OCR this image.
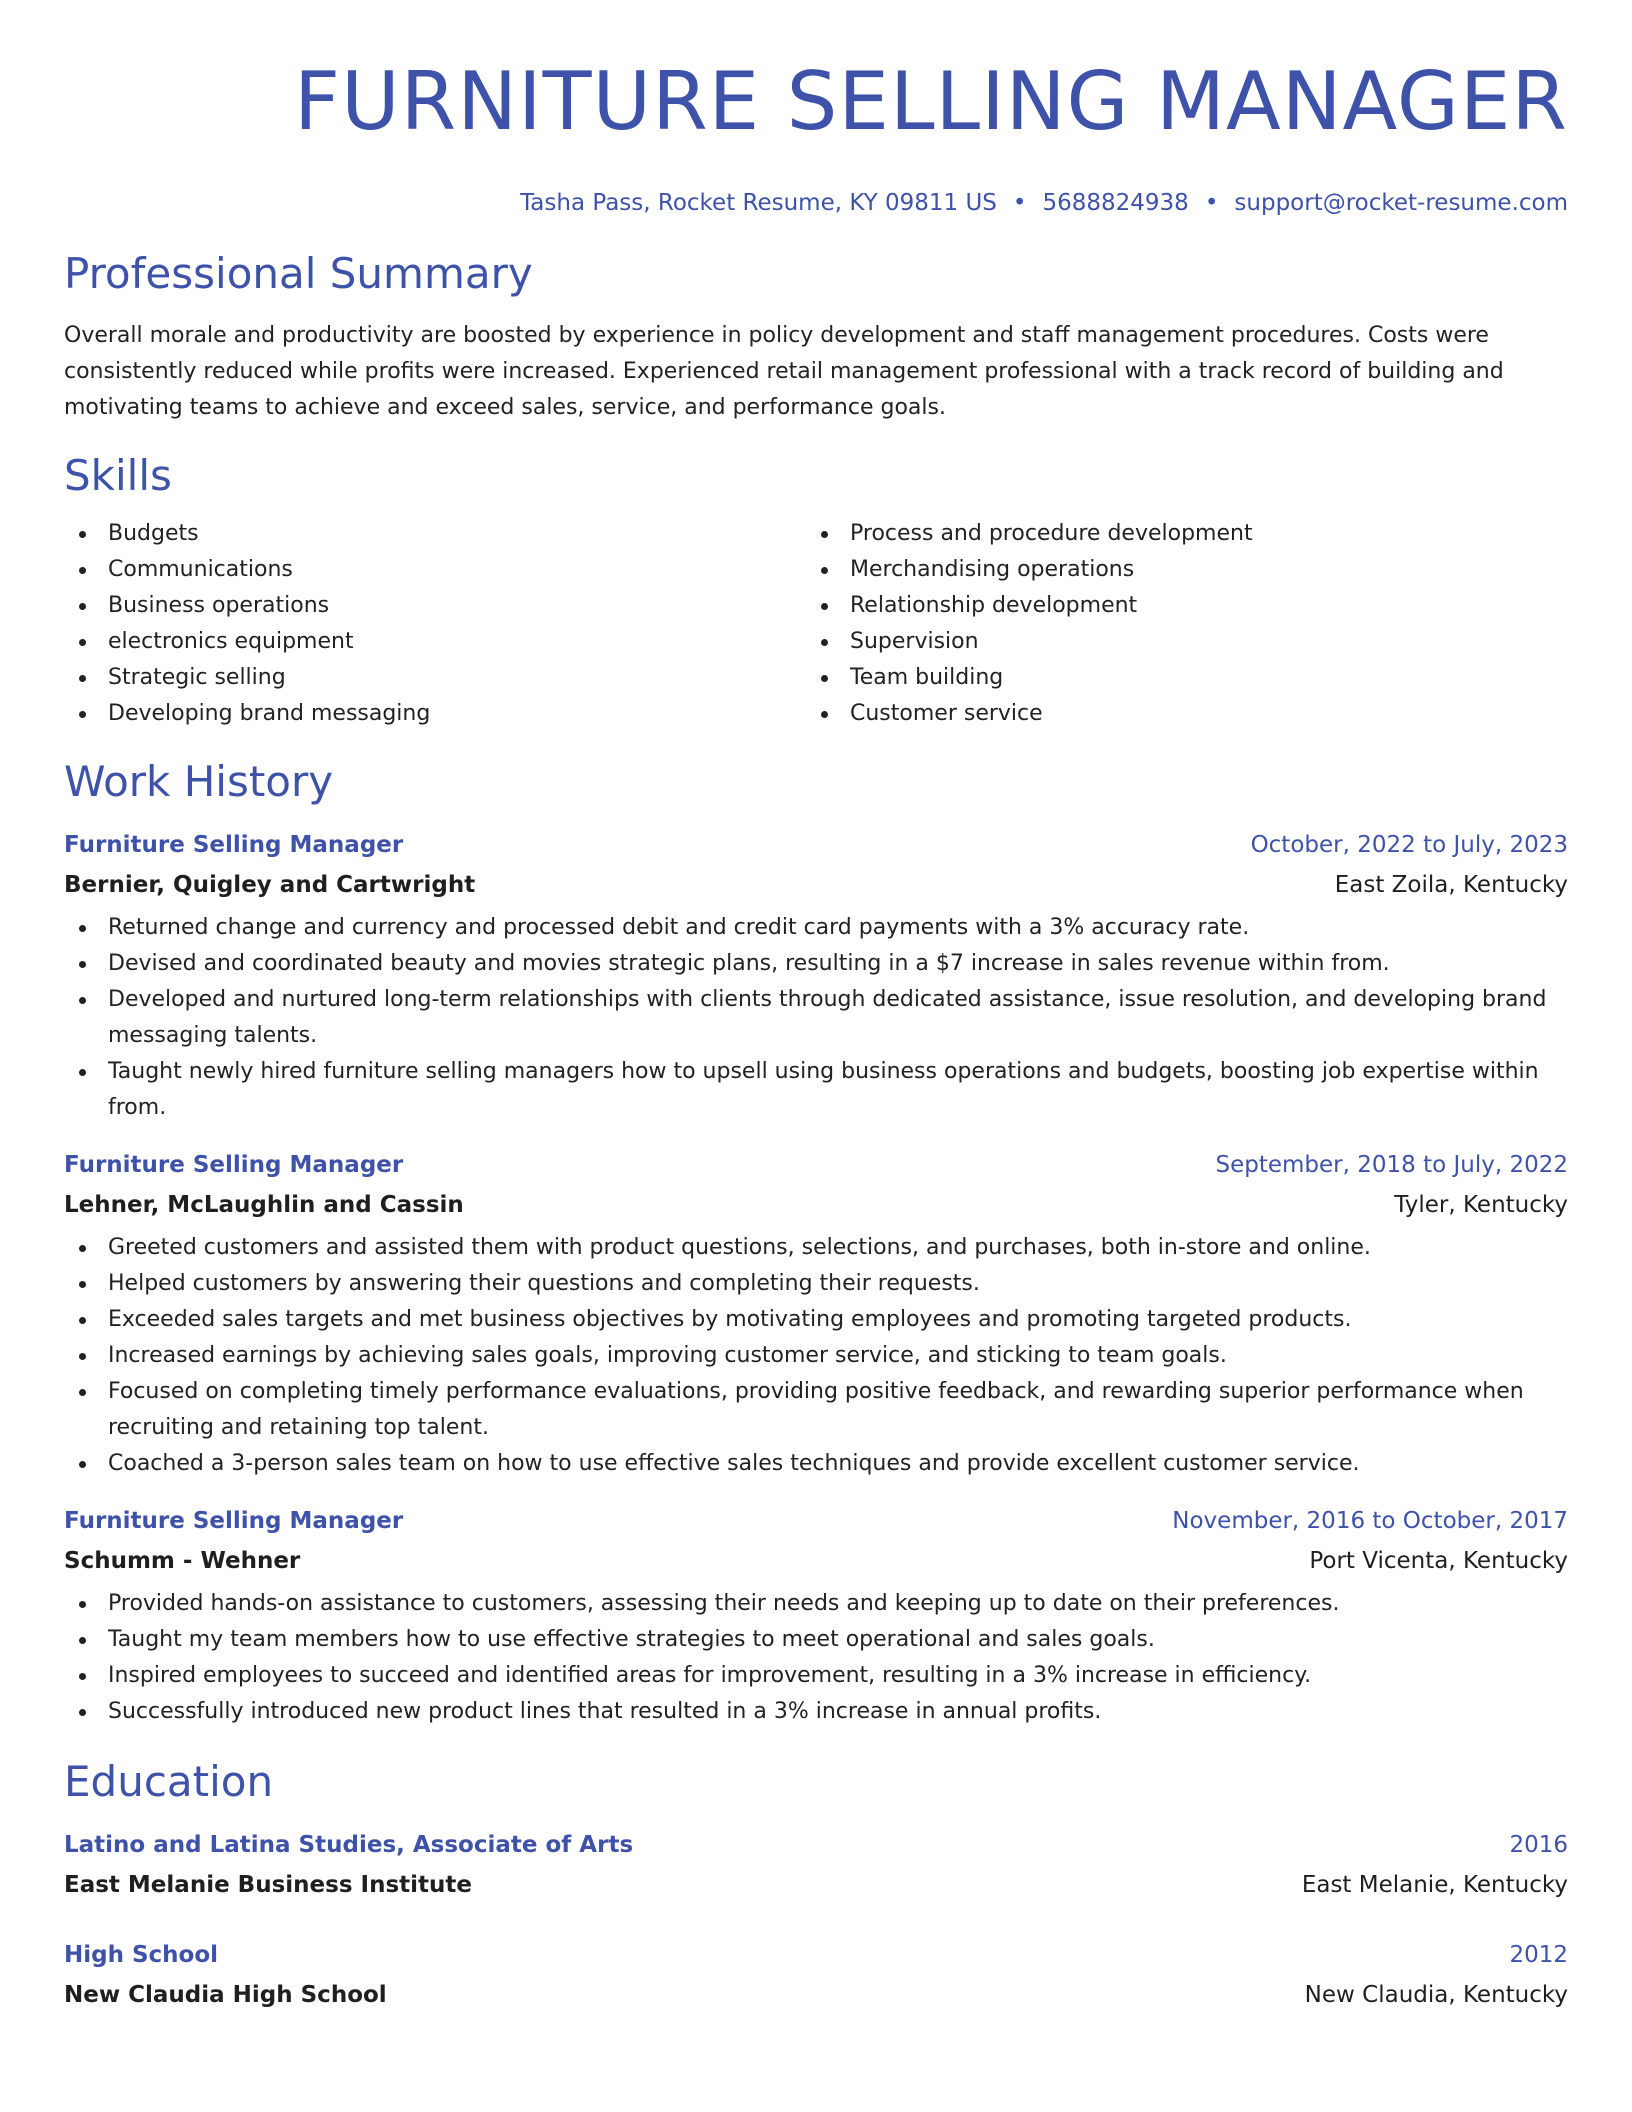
FURNITURE SELLING MANAGER
Tasha Pass, Rocket Resume, KY 09811 US • 5688824938 • support@rocket-resume.com
Professional Summary
Overall morale and productivity are boosted by experience in policy development and staff management procedures. Costs were consistently reduced while profits were increased. Experienced retail management professional with a track record of building and motivating teams to achieve and exceed sales, service, and performance goals.
Skills
Budgets
Communications
Business operations
electronics equipment
Strategic selling
Developing brand messaging
Process and procedure development
Merchandising operations
Relationship development
Supervision
Team building
Customer service
Work History
Furniture Selling Manager	October, 2022 to July, 2023
Bernier, Quigley and Cartwright	East Zoila, Kentucky
Returned change and currency and processed debit and credit card payments with a 3% accuracy rate.
Devised and coordinated beauty and movies strategic plans, resulting in a $7 increase in sales revenue within from.
Developed and nurtured long-term relationships with clients through dedicated assistance, issue resolution, and developing brand messaging talents.
Taught newly hired furniture selling managers how to upsell using business operations and budgets, boosting job expertise within from.
Furniture Selling Manager	September, 2018 to July, 2022
Lehner, McLaughlin and Cassin	Tyler, Kentucky
Greeted customers and assisted them with product questions, selections, and purchases, both in-store and online.
Helped customers by answering their questions and completing their requests.
Exceeded sales targets and met business objectives by motivating employees and promoting targeted products.
Increased earnings by achieving sales goals, improving customer service, and sticking to team goals.
Focused on completing timely performance evaluations, providing positive feedback, and rewarding superior performance when recruiting and retaining top talent.
Coached a 3-person sales team on how to use effective sales techniques and provide excellent customer service.
Furniture Selling Manager	November, 2016 to October, 2017
Schumm - Wehner	Port Vicenta, Kentucky
Provided hands-on assistance to customers, assessing their needs and keeping up to date on their preferences.
Taught my team members how to use effective strategies to meet operational and sales goals.
Inspired employees to succeed and identified areas for improvement, resulting in a 3% increase in efficiency.
Successfully introduced new product lines that resulted in a 3% increase in annual profits.
Education
Latino and Latina Studies, Associate of Arts	2016
East Melanie Business Institute	East Melanie, Kentucky
High School	2012
New Claudia High School	New Claudia, Kentucky
